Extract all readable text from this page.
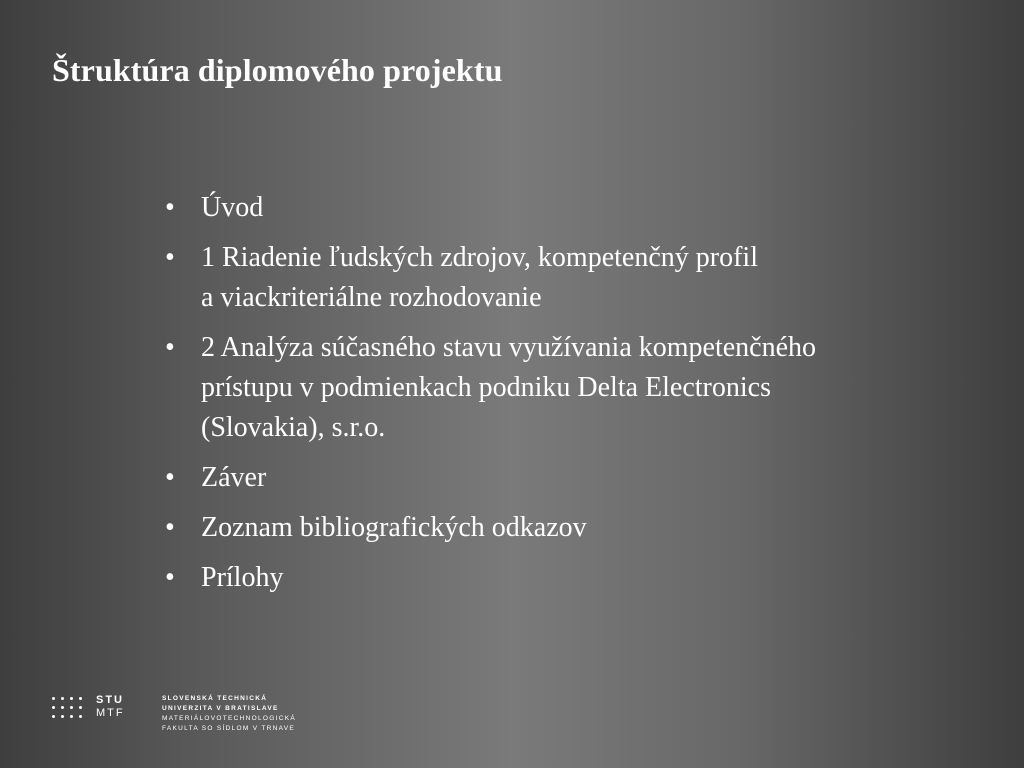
Štruktúra diplomového projektu
• Úvod
• 1 Riadenie ľudských zdrojov, kompetenčný profil
a viackriteriálne rozhodovanie
• 2 Analýza súčasného stavu využívania kompetenčného
prístupu v podmienkach podniku Delta Electronics
(Slovakia), s.r.o.
• Záver
• Zoznam bibliografických odkazov
• Prílohy
STU
MTF
SLOVENSKÁ TECHNICKÁ
UNIVERZITA V BRATISLAVE
MATERIÁLOVOTECHNOLOGICKÁ
FAKULTA SO SÍDLOM V TRNAVE
